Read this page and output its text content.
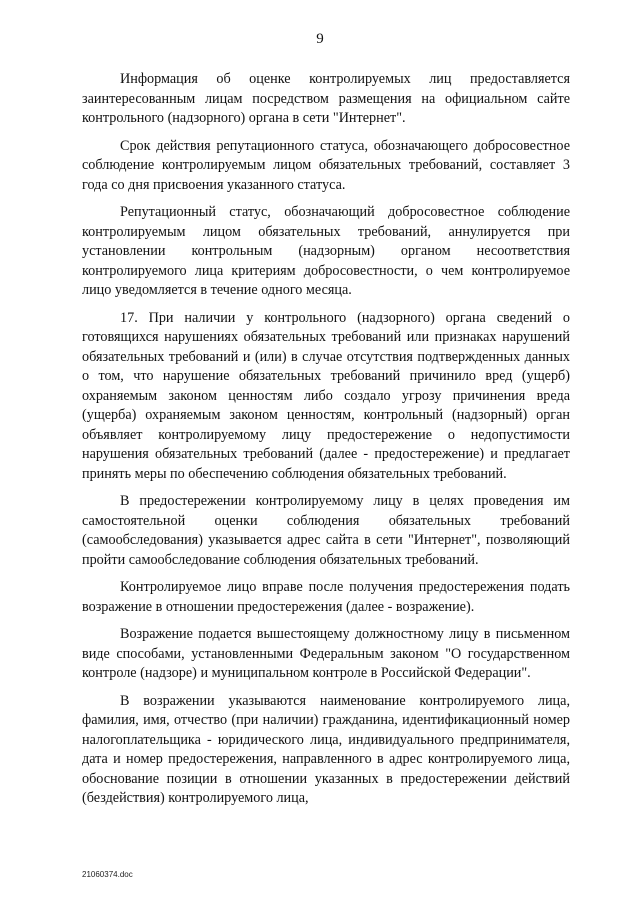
9

Информация об оценке контролируемых лиц предоставляется заинтересованным лицам посредством размещения на официальном сайте контрольного (надзорного) органа в сети "Интернет".

Срок действия репутационного статуса, обозначающего добросовестное соблюдение контролируемым лицом обязательных требований, составляет 3 года со дня присвоения указанного статуса.

Репутационный статус, обозначающий добросовестное соблюдение контролируемым лицом обязательных требований, аннулируется при установлении контрольным (надзорным) органом несоответствия контролируемого лица критериям добросовестности, о чем контролируемое лицо уведомляется в течение одного месяца.

17. При наличии у контрольного (надзорного) органа сведений о готовящихся нарушениях обязательных требований или признаках нарушений обязательных требований и (или) в случае отсутствия подтвержденных данных о том, что нарушение обязательных требований причинило вред (ущерб) охраняемым законом ценностям либо создало угрозу причинения вреда (ущерба) охраняемым законом ценностям, контрольный (надзорный) орган объявляет контролируемому лицу предостережение о недопустимости нарушения обязательных требований (далее - предостережение) и предлагает принять меры по обеспечению соблюдения обязательных требований.

В предостережении контролируемому лицу в целях проведения им самостоятельной оценки соблюдения обязательных требований (самообследования) указывается адрес сайта в сети "Интернет", позволяющий пройти самообследование соблюдения обязательных требований.

Контролируемое лицо вправе после получения предостережения подать возражение в отношении предостережения (далее - возражение).

Возражение подается вышестоящему должностному лицу в письменном виде способами, установленными Федеральным законом "О государственном контроле (надзоре) и муниципальном контроле в Российской Федерации".

В возражении указываются наименование контролируемого лица, фамилия, имя, отчество (при наличии) гражданина, идентификационный номер налогоплательщика - юридического лица, индивидуального предпринимателя, дата и номер предостережения, направленного в адрес контролируемого лица, обоснование позиции в отношении указанных в предостережении действий (бездействия) контролируемого лица,

21060374.doc
